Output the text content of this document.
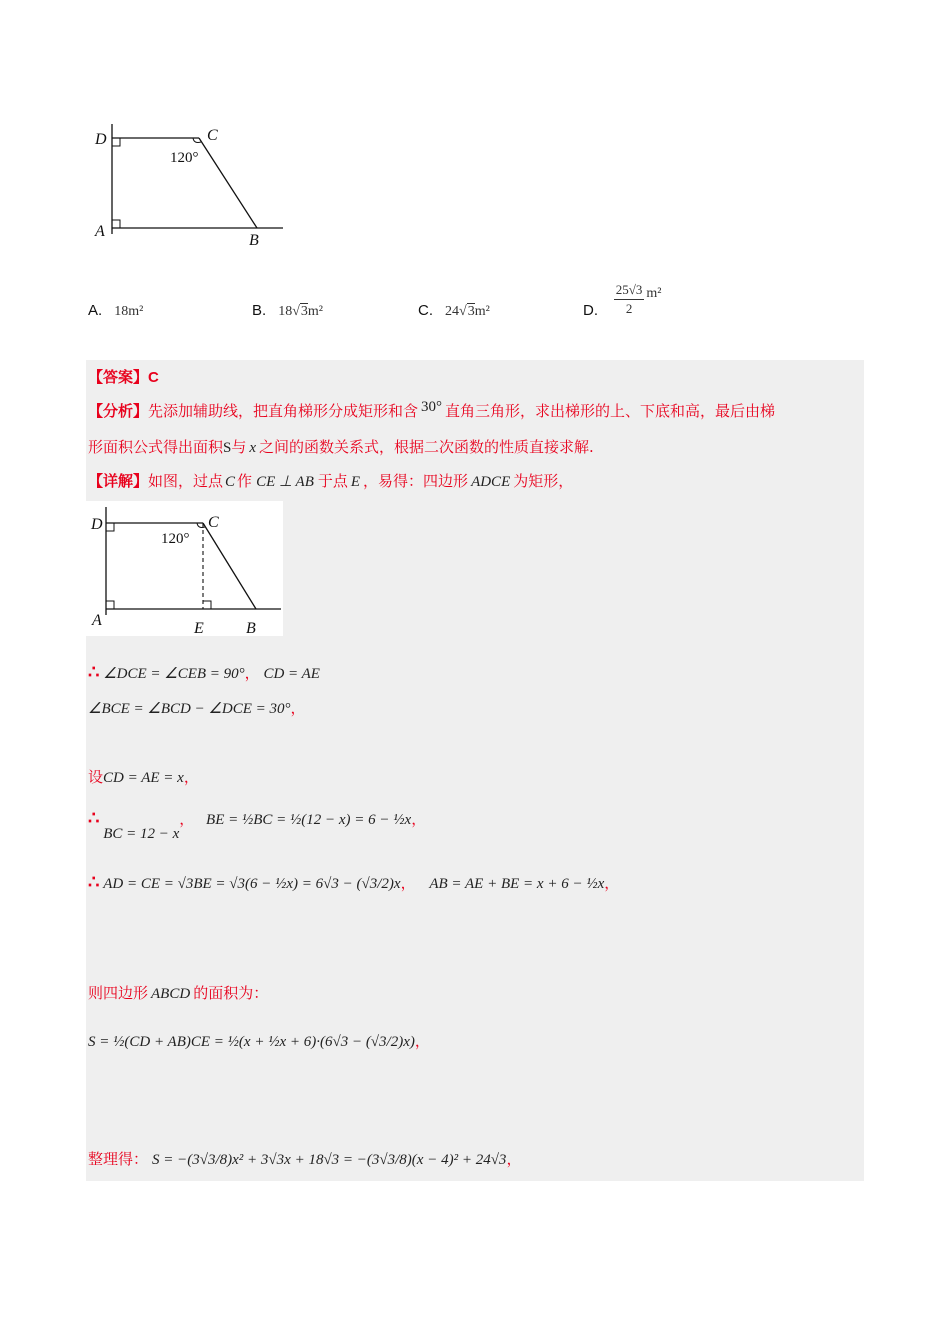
D	C
A
B
120°
A. 18m²	B. 18√3m²	C. 24√3m²	D. $\frac{25√3}{2} m^2$
【答案】C
【分析】先添加辅助线，把直角梯形分成矩形和含 30° 直角三角形，求出梯形的上、下底和高，最后由梯
形面积公式得出面积S与 x 之间的函数关系式，根据二次函数的性质直接求解.
【详解】如图，过点 C 作 CE ⊥ AB 于点 E ，易得：四边形 ADCE 为矩形，
D	C
A	E	B
120°
∴ ∠DCE = ∠CEB = 90°， CD = AE
∠BCE = ∠BCD − ∠DCE = 30°，
设CD = AE = x，
∴ BC = 12 − x， BE = ½BC = ½(12 − x) = 6 − ½x，
∴ AD = CE = √3BE = √3(6 − ½x) = 6√3 − (√3/2)x， AB = AE + BE = x + 6 − ½x，
则四边形 ABCD 的面积为：
S = ½(CD + AB)CE = ½(x + ½x + 6)·(6√3 − (√3/2)x)，
整理得： S = −(3√3/8)x² + 3√3x + 18√3 = −(3√3/8)(x − 4)² + 24√3，
